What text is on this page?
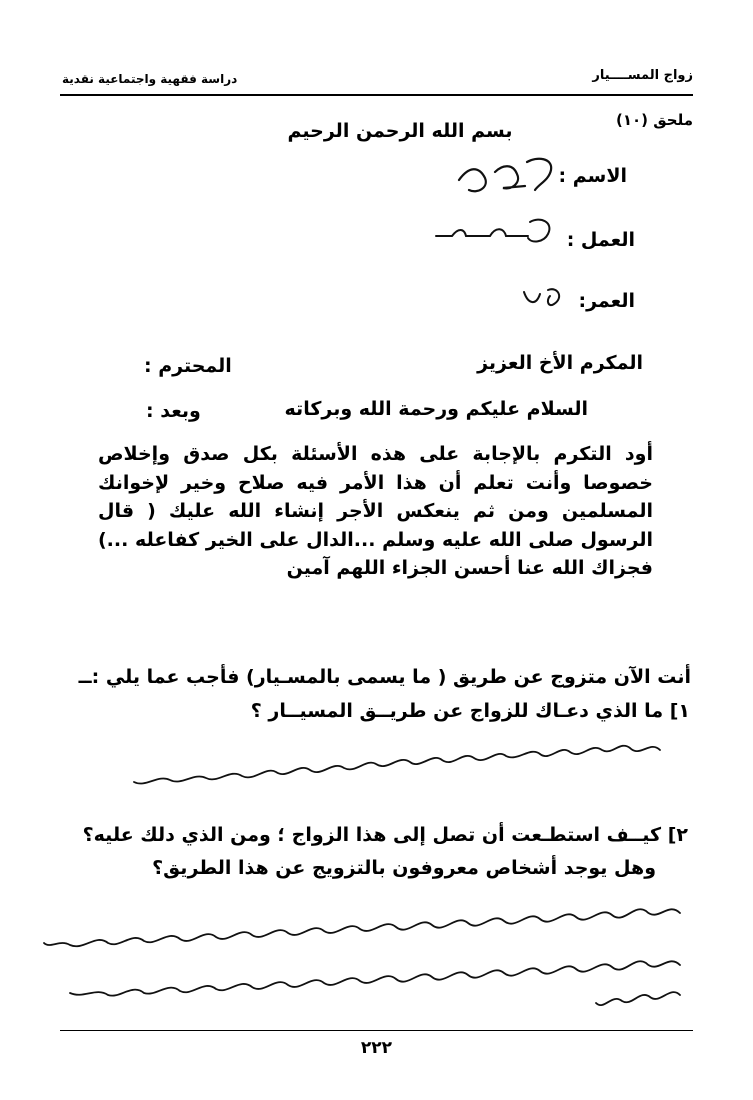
زواج المســــيار
دراسة فقهية واجتماعية نقدية
ملحق (١٠)
بسم الله الرحمن الرحيم
الاسم :
العمل :
العمر:
المكرم الأخ العزيز
المحترم :
السلام عليكم ورحمة الله وبركاته
وبعد :
أود التكرم بالإجابة على هذه الأسئلة بكل صدق وإخلاص خصوصا وأنت تعلم أن هذا الأمر فيه صلاح وخير لإخوانك المسلمين ومن ثم ينعكس الأجر إنشاء الله عليك ( قال الرسول صلى الله عليه وسلم ...الدال على الخير كفاعله ...) فجزاك الله عنا أحسن الجزاء اللهم آمين
أنت الآن متزوج عن طريق ( ما يسمى بالمسـيار) فأجب عما يلي :ــ
١] ما الذي دعـاك للزواج عن طريــق المسيــار ؟
٢] كيــف استطـعت أن تصل إلى هذا الزواج ؛ ومن الذي دلك عليه؟
وهل يوجد أشخاص معروفون بالتزويج عن هذا الطريق؟
٢٢٢
